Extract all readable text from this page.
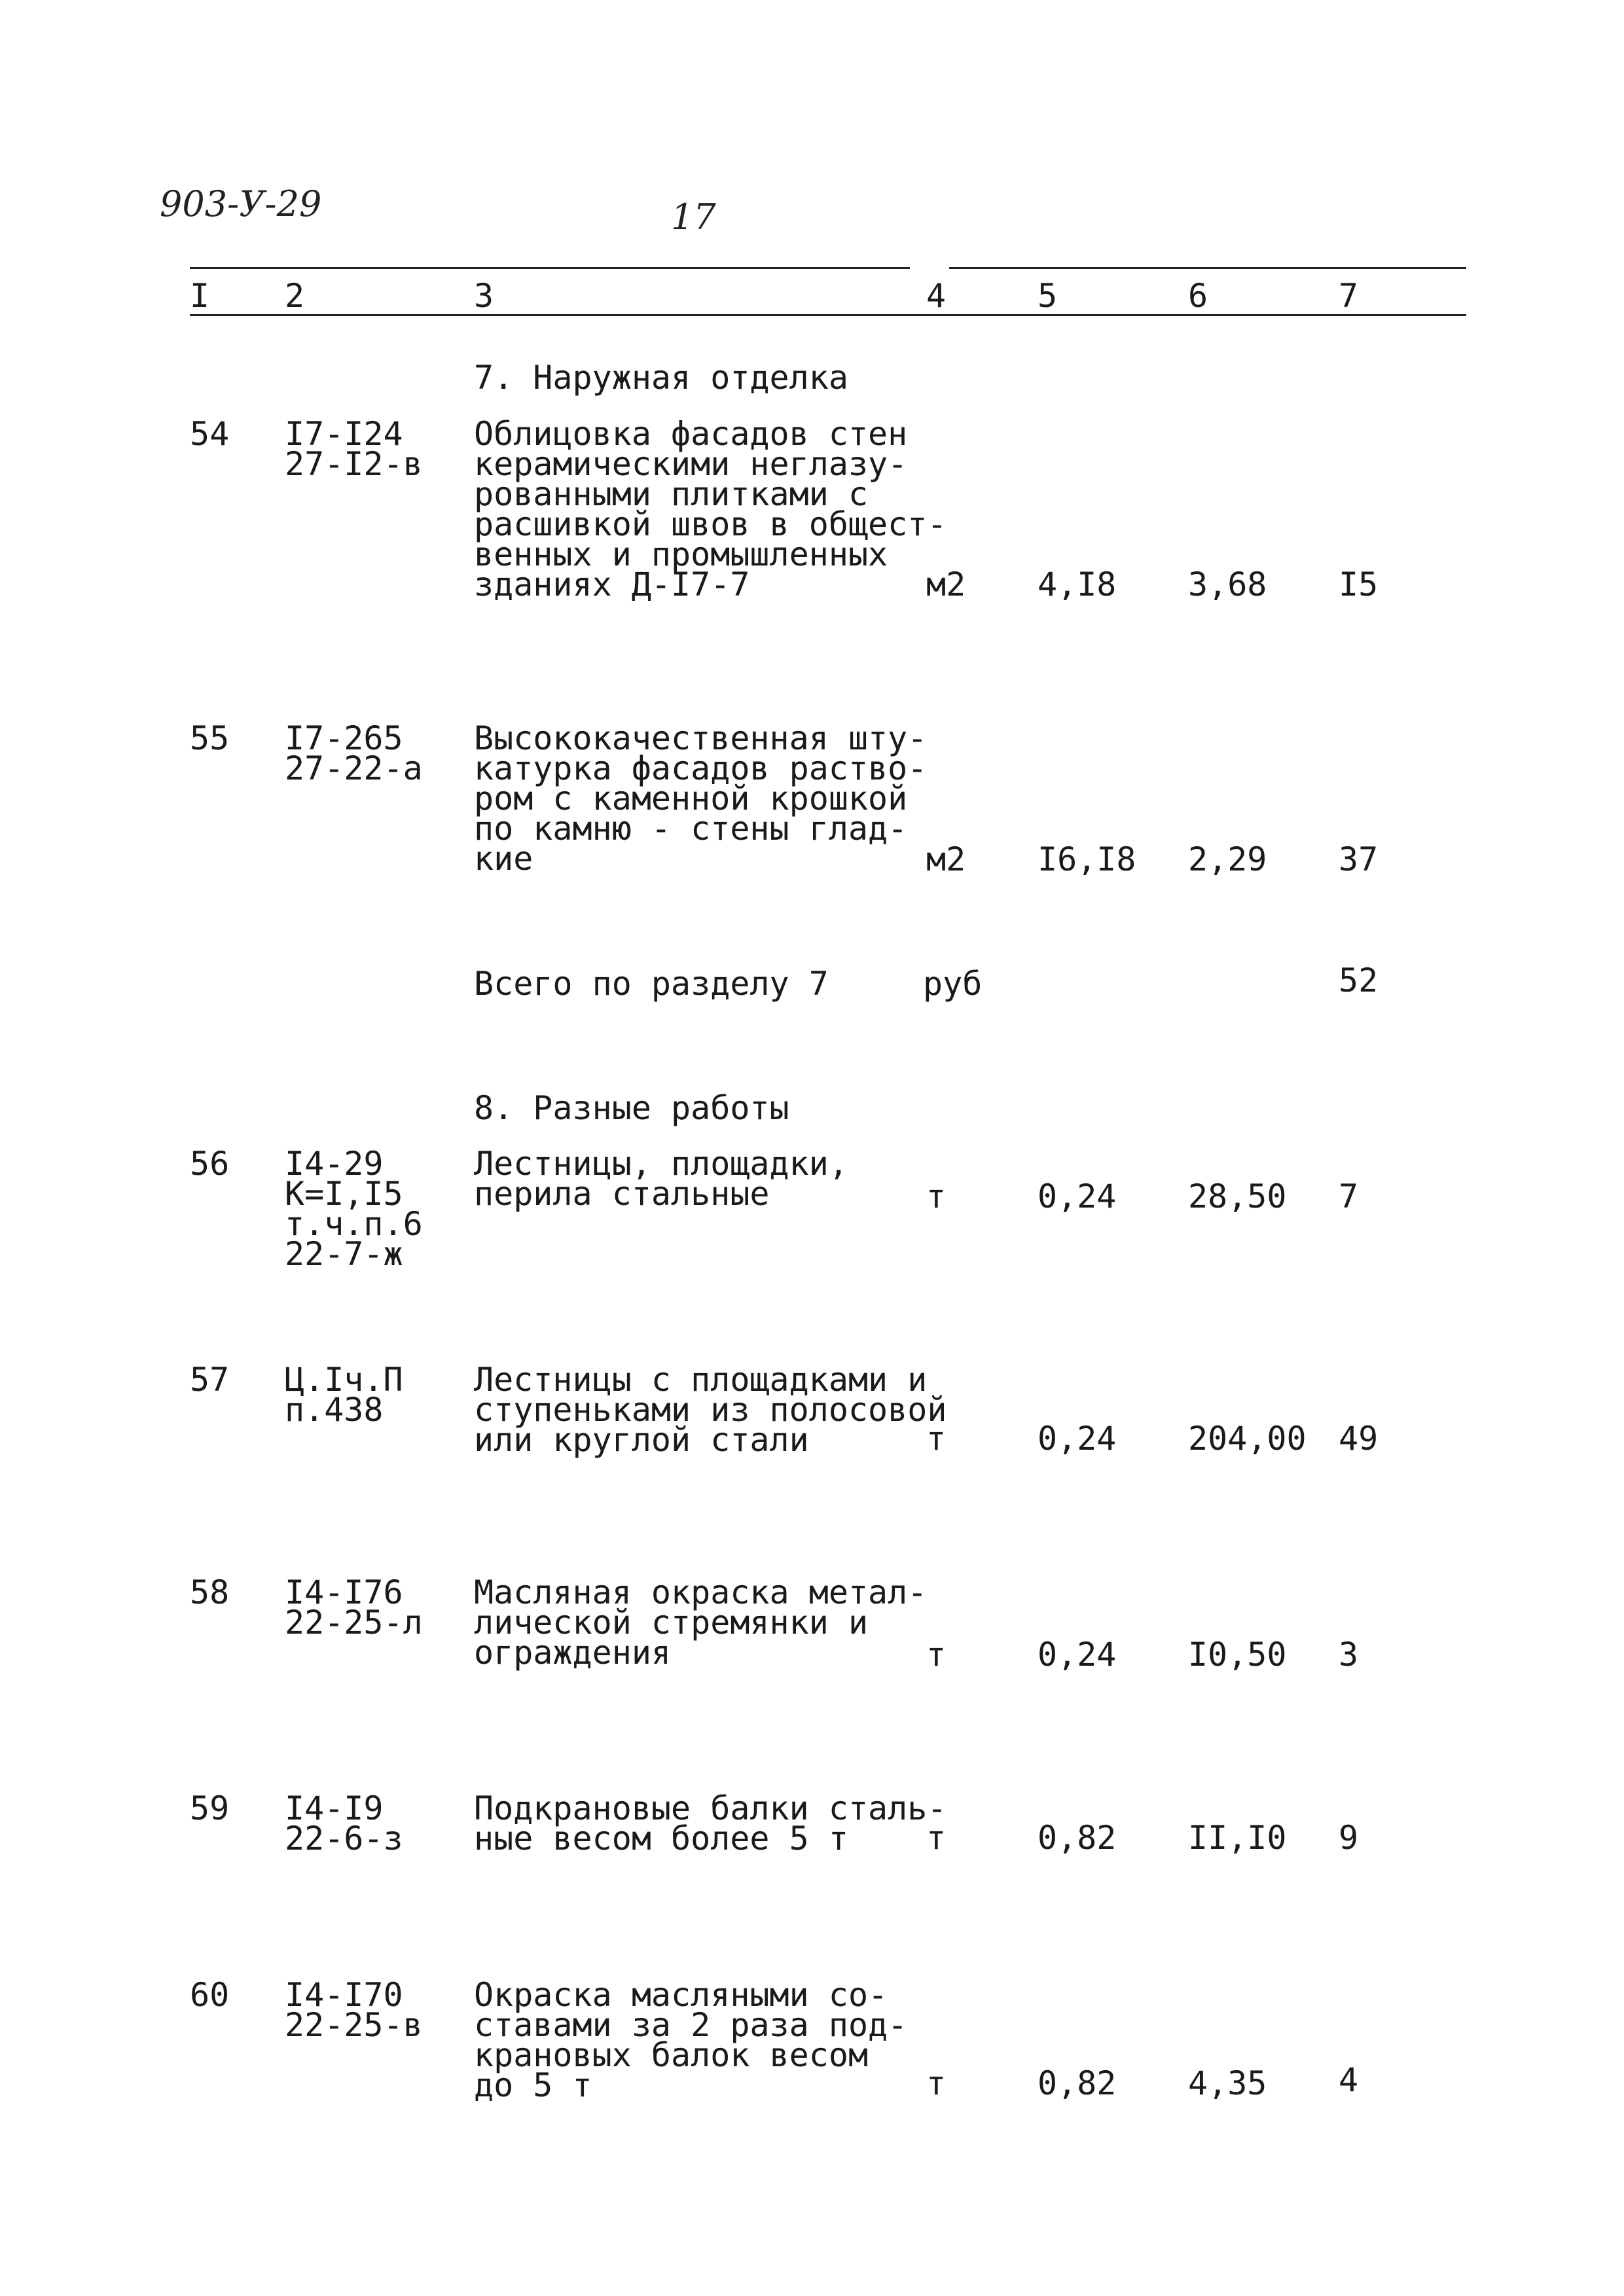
903-У-29	17
I 2	3	4	5	6	7
7. Наружная отделка
54 I7-I24
27-I2-в
Облицовка фасадов стен
керамическими неглазу-
рованными плитками с
расшивкой швов в общест-
венных и промышленных
зданиях Д-I7-7	м2 4,I8 3,68 I5
55 I7-265
27-22-а
Высококачественная шту-
катурка фасадов раство-
ром с каменной крошкой
по камню - стены глад-
кие	м2 I6,I8 2,29 37
Всего по разделу 7	руб	52
8. Разные работы
56 I4-29
К=I,I5
т.ч.п.6
22-7-ж
Лестницы, площадки,
перила стальные	т	0,24 28,50 7
57 Ц.Iч.П
п.438
Лестницы с площадками и
ступеньками из полосовой
или круглой стали	т	0,24 204,00 49
58 I4-I76
22-25-л
Масляная окраска метал-
лической стремянки и
ограждения	т	0,24 I0,50 3
59 I4-I9
22-6-з
Подкрановые балки сталь-
ные весом более 5 т	т	0,82 II,I0 9
60 I4-I70
22-25-в
Окраска масляными со-
ставами за 2 раза под-
крановых балок весом
до 5 т	т	0,82 4,35 4
